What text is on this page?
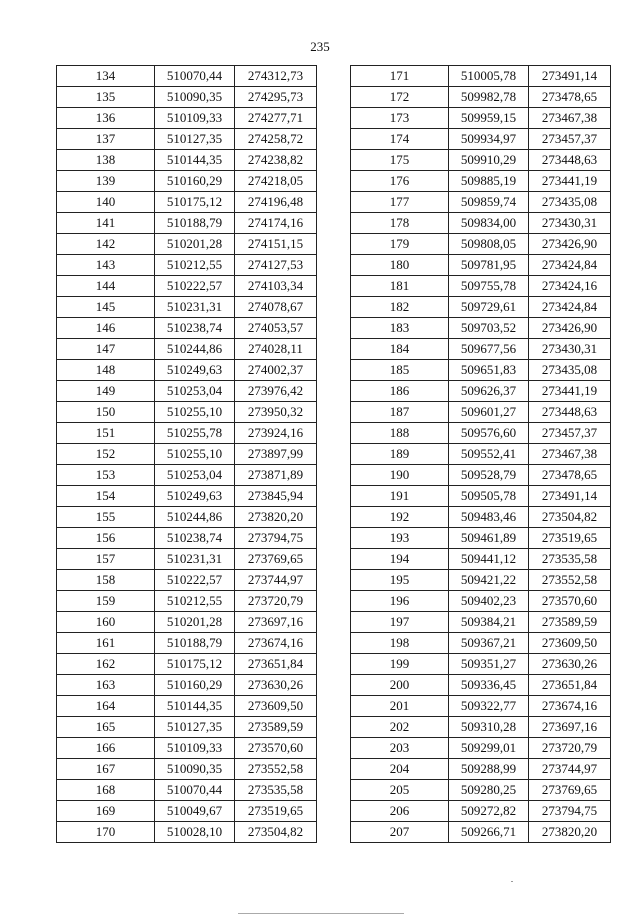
235
134	510070,44	274312,73
135	510090,35	274295,73
136	510109,33	274277,71
137	510127,35	274258,72
138	510144,35	274238,82
139	510160,29	274218,05
140	510175,12	274196,48
141	510188,79	274174,16
142	510201,28	274151,15
143	510212,55	274127,53
144	510222,57	274103,34
145	510231,31	274078,67
146	510238,74	274053,57
147	510244,86	274028,11
148	510249,63	274002,37
149	510253,04	273976,42
150	510255,10	273950,32
151	510255,78	273924,16
152	510255,10	273897,99
153	510253,04	273871,89
154	510249,63	273845,94
155	510244,86	273820,20
156	510238,74	273794,75
157	510231,31	273769,65
158	510222,57	273744,97
159	510212,55	273720,79
160	510201,28	273697,16
161	510188,79	273674,16
162	510175,12	273651,84
163	510160,29	273630,26
164	510144,35	273609,50
165	510127,35	273589,59
166	510109,33	273570,60
167	510090,35	273552,58
168	510070,44	273535,58
169	510049,67	273519,65
170	510028,10	273504,82
171	510005,78	273491,14
172	509982,78	273478,65
173	509959,15	273467,38
174	509934,97	273457,37
175	509910,29	273448,63
176	509885,19	273441,19
177	509859,74	273435,08
178	509834,00	273430,31
179	509808,05	273426,90
180	509781,95	273424,84
181	509755,78	273424,16
182	509729,61	273424,84
183	509703,52	273426,90
184	509677,56	273430,31
185	509651,83	273435,08
186	509626,37	273441,19
187	509601,27	273448,63
188	509576,60	273457,37
189	509552,41	273467,38
190	509528,79	273478,65
191	509505,78	273491,14
192	509483,46	273504,82
193	509461,89	273519,65
194	509441,12	273535,58
195	509421,22	273552,58
196	509402,23	273570,60
197	509384,21	273589,59
198	509367,21	273609,50
199	509351,27	273630,26
200	509336,45	273651,84
201	509322,77	273674,16
202	509310,28	273697,16
203	509299,01	273720,79
204	509288,99	273744,97
205	509280,25	273769,65
206	509272,82	273794,75
207	509266,71	273820,20
